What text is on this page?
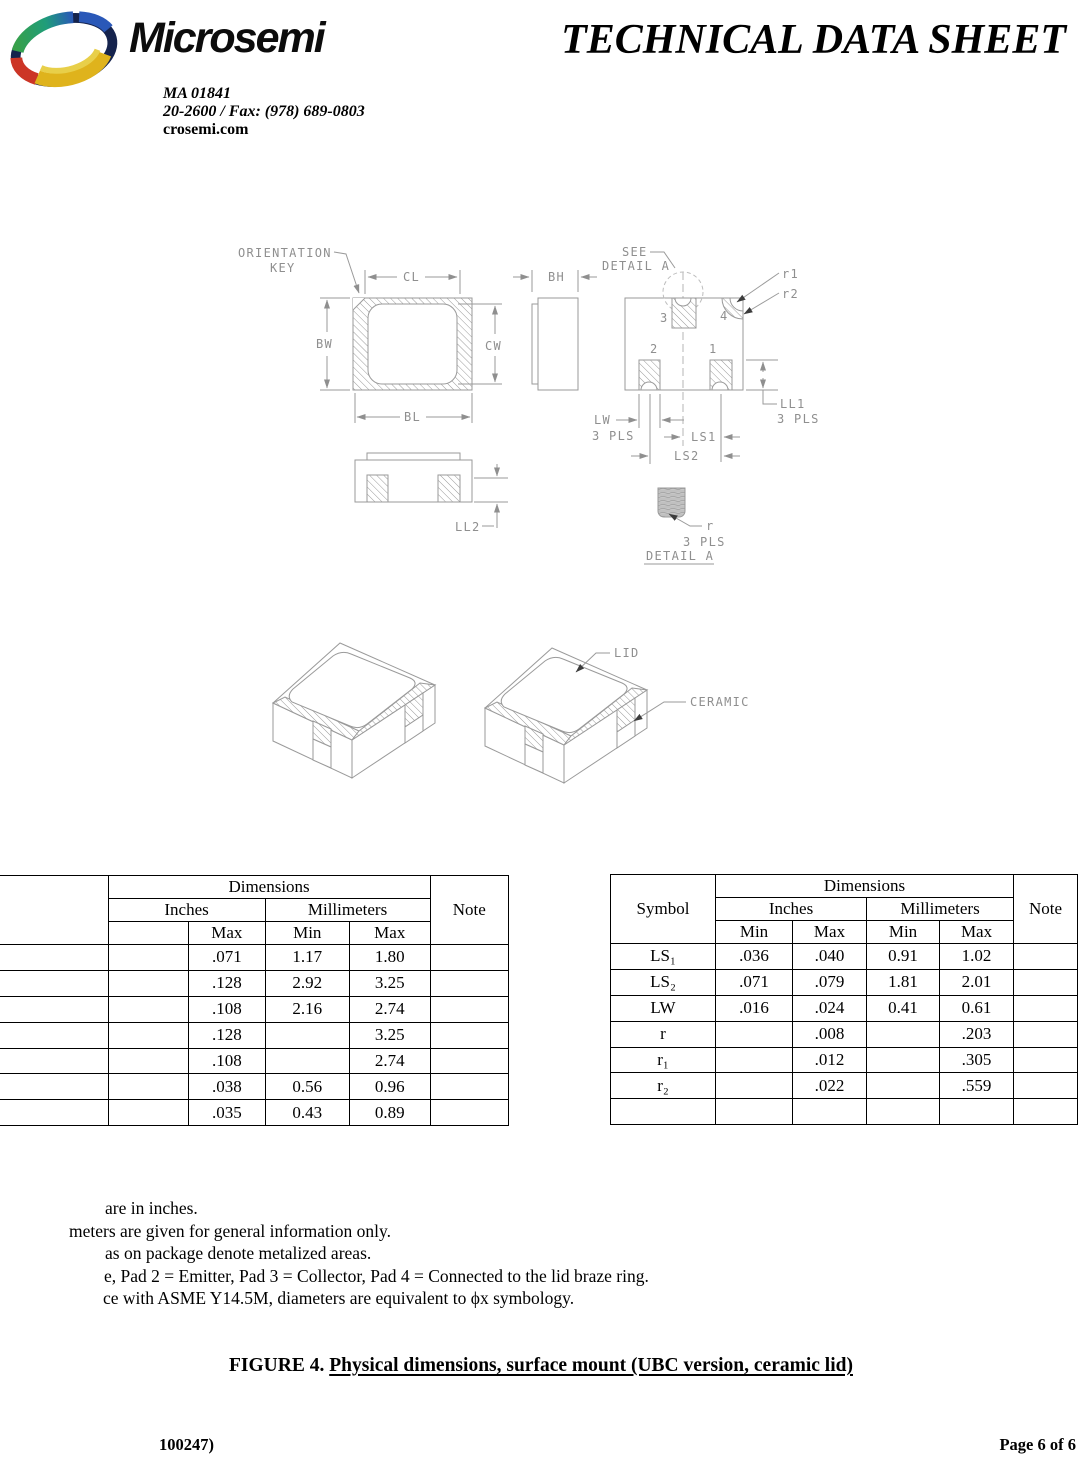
Microsemi	TECHNICAL DATA SHEET
MA 01841
20-2600 / Fax: (978) 689-0803
crosemi.com
ORIENTATION
KEY
CL
BW	CW
BL
BH
3	4
2	1
SEE
DETAIL A
r1
r2
LL1
3 PLS
LW
3 PLS	LS1
LS2
LL2	r
3 PLS
DETAIL A
LID
CERAMIC
	Dimensions				Note
	Inches		Millimeters		
		Max	Min	Max	
		.071	1.17	1.80	
		.128	2.92	3.25	
		.108	2.16	2.74	
		.128		3.25	
		.108		2.74	
		.038	0.56	0.96	
		.035	0.43	0.89	
Symbol	Dimensions				Note
	Inches		Millimeters		
	Min	Max	Min	Max	
LS₁	.036	.040	0.91	1.02	
LS₂	.071	.079	1.81	2.01	
LW	.016	.024	0.41	0.61	
r		.008		.203	
r₁		.012		.305	
r₂		.022		.559	

are in inches.
meters are given for general information only.
as on package denote metalized areas.
e, Pad 2 = Emitter, Pad 3 = Collector, Pad 4 = Connected to the lid braze ring.
ce with ASME Y14.5M, diameters are equivalent to ϕx symbology.
FIGURE 4. Physical dimensions, surface mount (UBC version, ceramic lid)
100247)	Page 6 of 6
